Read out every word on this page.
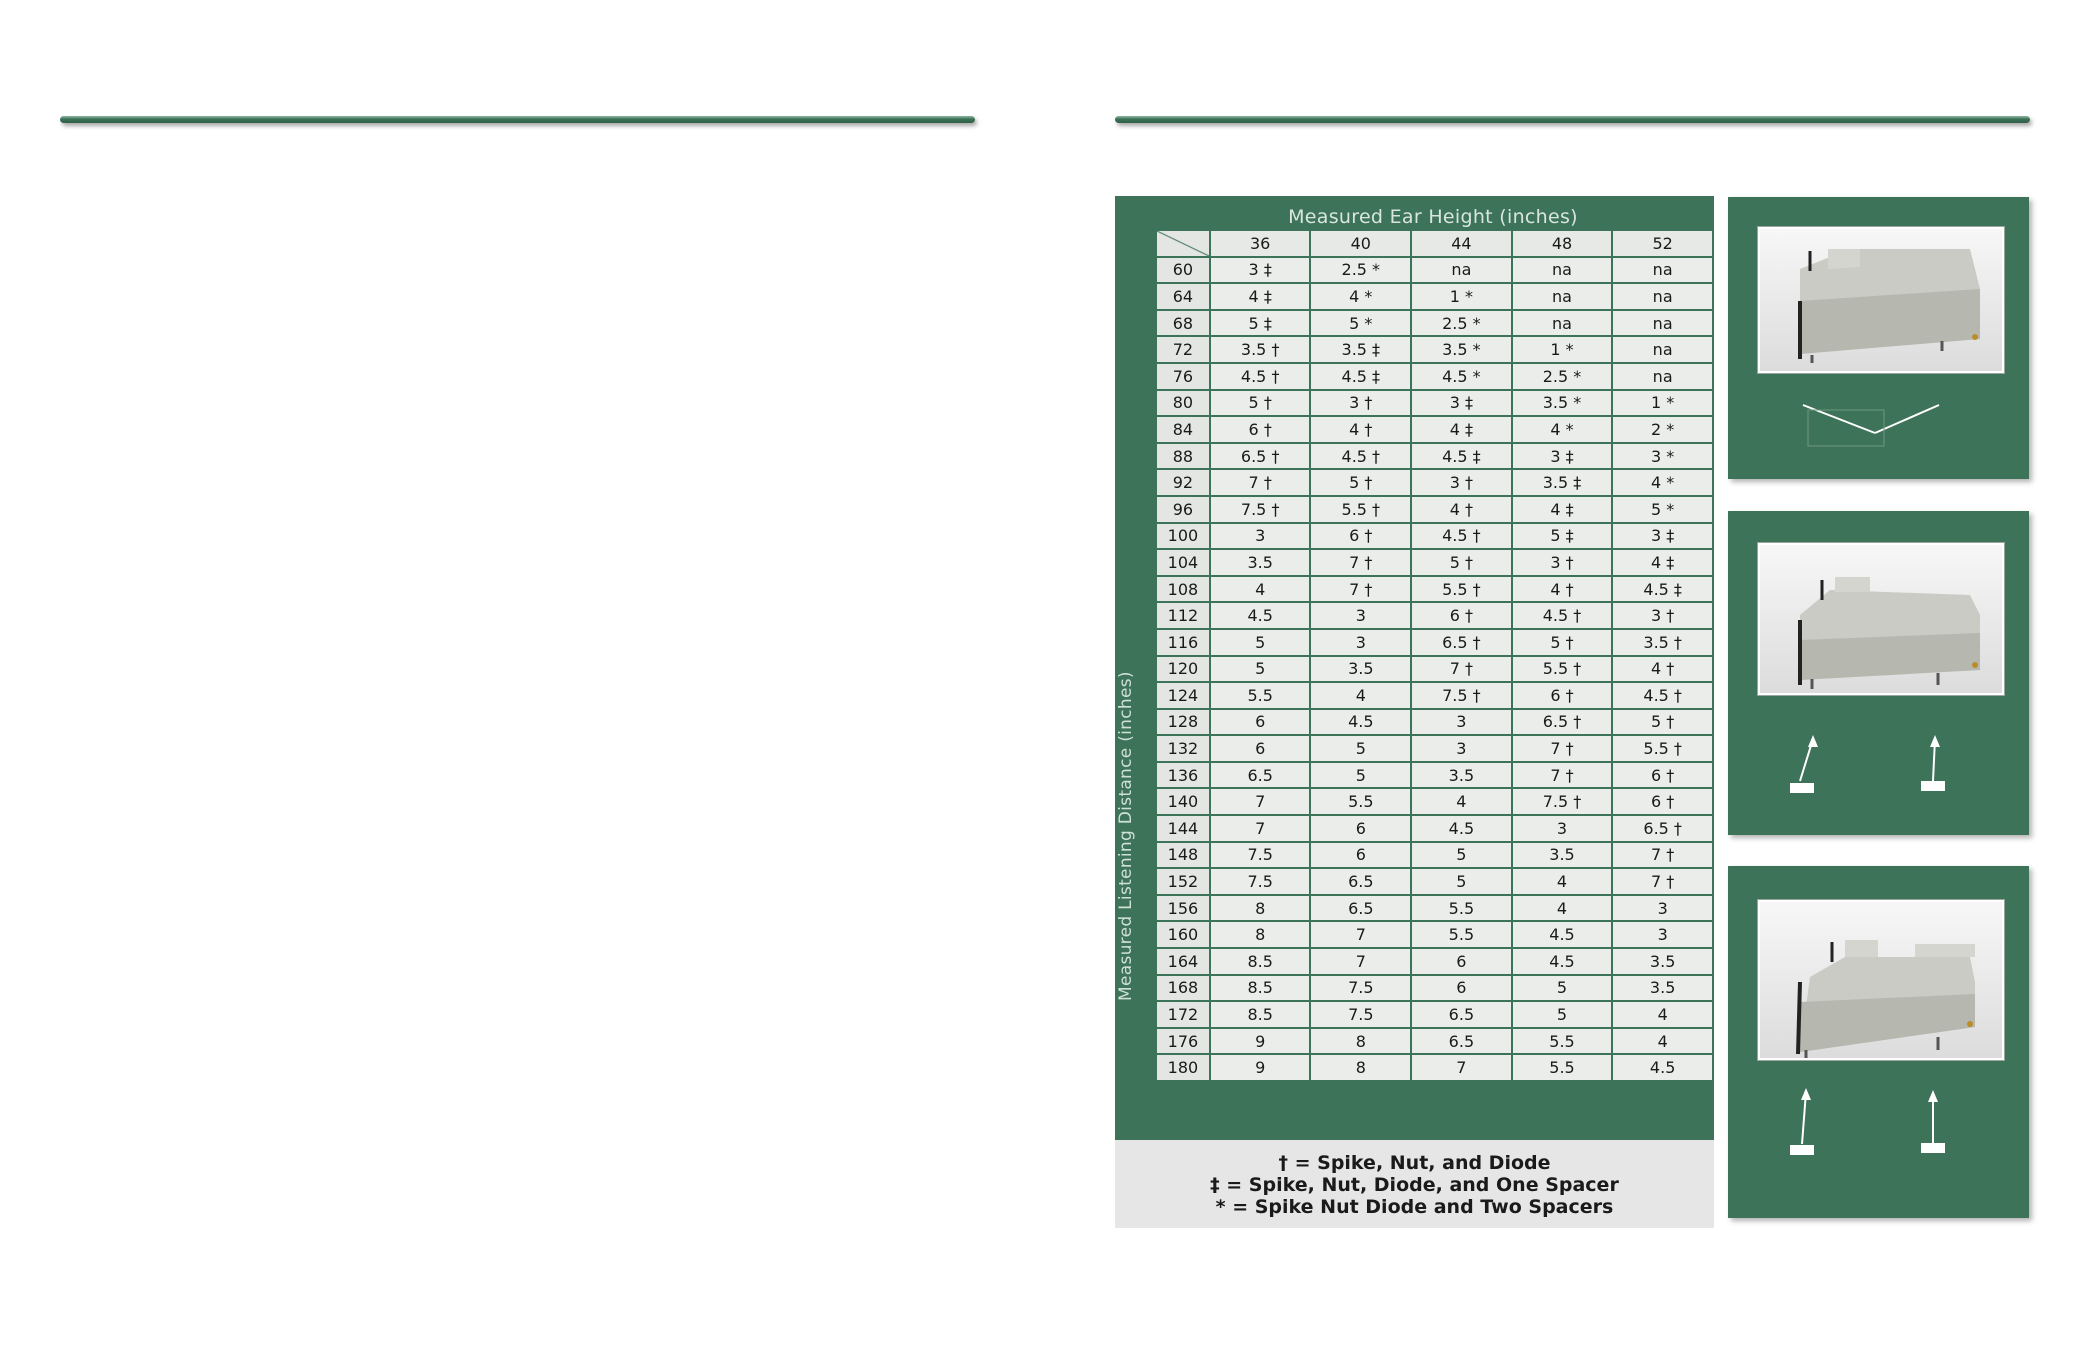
Measured Ear Height (inches)
Measured Listening Distance (inches)
	36	40	44	48	52
60	3 ‡	2.5 *	na	na	na
64	4 ‡	4 *	1 *	na	na
68	5 ‡	5 *	2.5 *	na	na
72	3.5 †	3.5 ‡	3.5 *	1 *	na
76	4.5 †	4.5 ‡	4.5 *	2.5 *	na
80	5 †	3 †	3 ‡	3.5 *	1 *
84	6 †	4 †	4 ‡	4 *	2 *
88	6.5 †	4.5 †	4.5 ‡	3 ‡	3 *
92	7 †	5 †	3 †	3.5 ‡	4 *
96	7.5 †	5.5 †	4 †	4 ‡	5 *
100	3	6 †	4.5 †	5 ‡	3 ‡
104	3.5	7 †	5 †	3 †	4 ‡
108	4	7 †	5.5 †	4 †	4.5 ‡
112	4.5	3	6 †	4.5 †	3 †
116	5	3	6.5 †	5 †	3.5 †
120	5	3.5	7 †	5.5 †	4 †
124	5.5	4	7.5 †	6 †	4.5 †
128	6	4.5	3	6.5 †	5 †
132	6	5	3	7 †	5.5 †
136	6.5	5	3.5	7 †	6 †
140	7	5.5	4	7.5 †	6 †
144	7	6	4.5	3	6.5 †
148	7.5	6	5	3.5	7 †
152	7.5	6.5	5	4	7 †
156	8	6.5	5.5	4	3
160	8	7	5.5	4.5	3
164	8.5	7	6	4.5	3.5
168	8.5	7.5	6	5	3.5
172	8.5	7.5	6.5	5	4
176	9	8	6.5	5.5	4
180	9	8	7	5.5	4.5
† = Spike, Nut, and Diode
‡ = Spike, Nut, Diode, and One Spacer
* = Spike Nut Diode and Two Spacers
